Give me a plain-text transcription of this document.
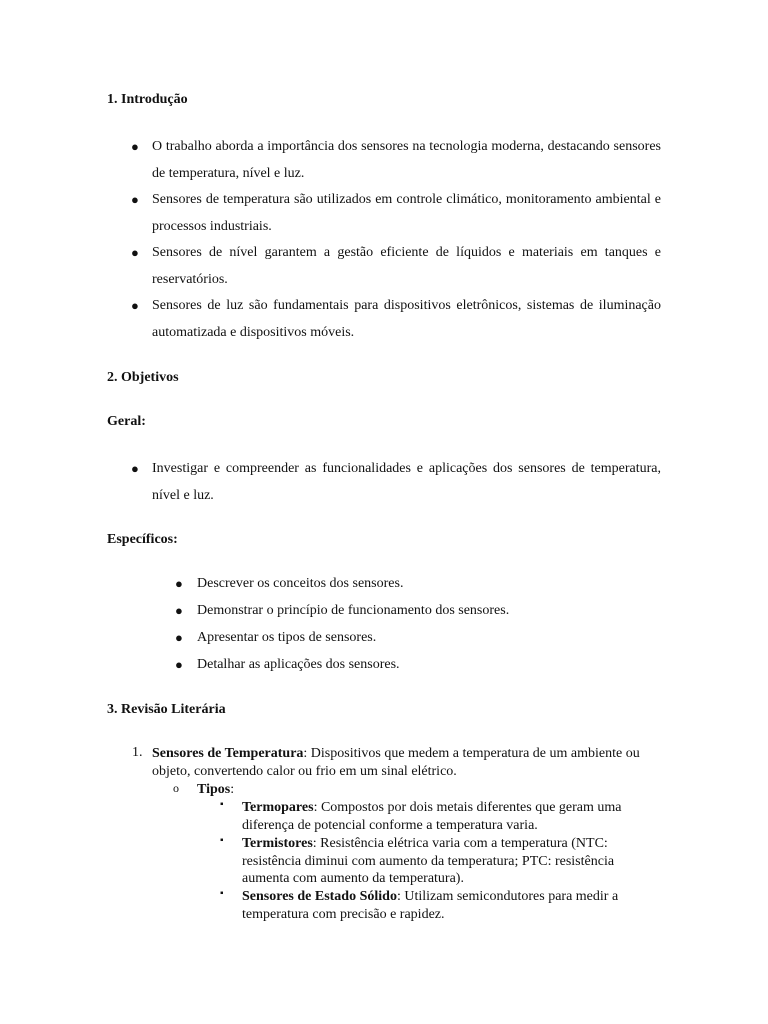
1. Introdução
● O trabalho aborda a importância dos sensores na tecnologia moderna, destacando sensores de temperatura, nível e luz.
● Sensores de temperatura são utilizados em controle climático, monitoramento ambiental e processos industriais.
● Sensores de nível garantem a gestão eficiente de líquidos e materiais em tanques e reservatórios.
● Sensores de luz são fundamentais para dispositivos eletrônicos, sistemas de iluminação automatizada e dispositivos móveis.
2. Objetivos
Geral:
● Investigar e compreender as funcionalidades e aplicações dos sensores de temperatura, nível e luz.
Específicos:
● Descrever os conceitos dos sensores.
● Demonstrar o princípio de funcionamento dos sensores.
● Apresentar os tipos de sensores.
● Detalhar as aplicações dos sensores.
3. Revisão Literária
1. Sensores de Temperatura: Dispositivos que medem a temperatura de um ambiente ou objeto, convertendo calor ou frio em um sinal elétrico.

o Tipos:

▪ Termopares: Compostos por dois metais diferentes que geram uma diferença de potencial conforme a temperatura varia.

▪ Termistores: Resistência elétrica varia com a temperatura (NTC: resistência diminui com aumento da temperatura; PTC: resistência aumenta com aumento da temperatura).

▪ Sensores de Estado Sólido: Utilizam semicondutores para medir a temperatura com precisão e rapidez.
